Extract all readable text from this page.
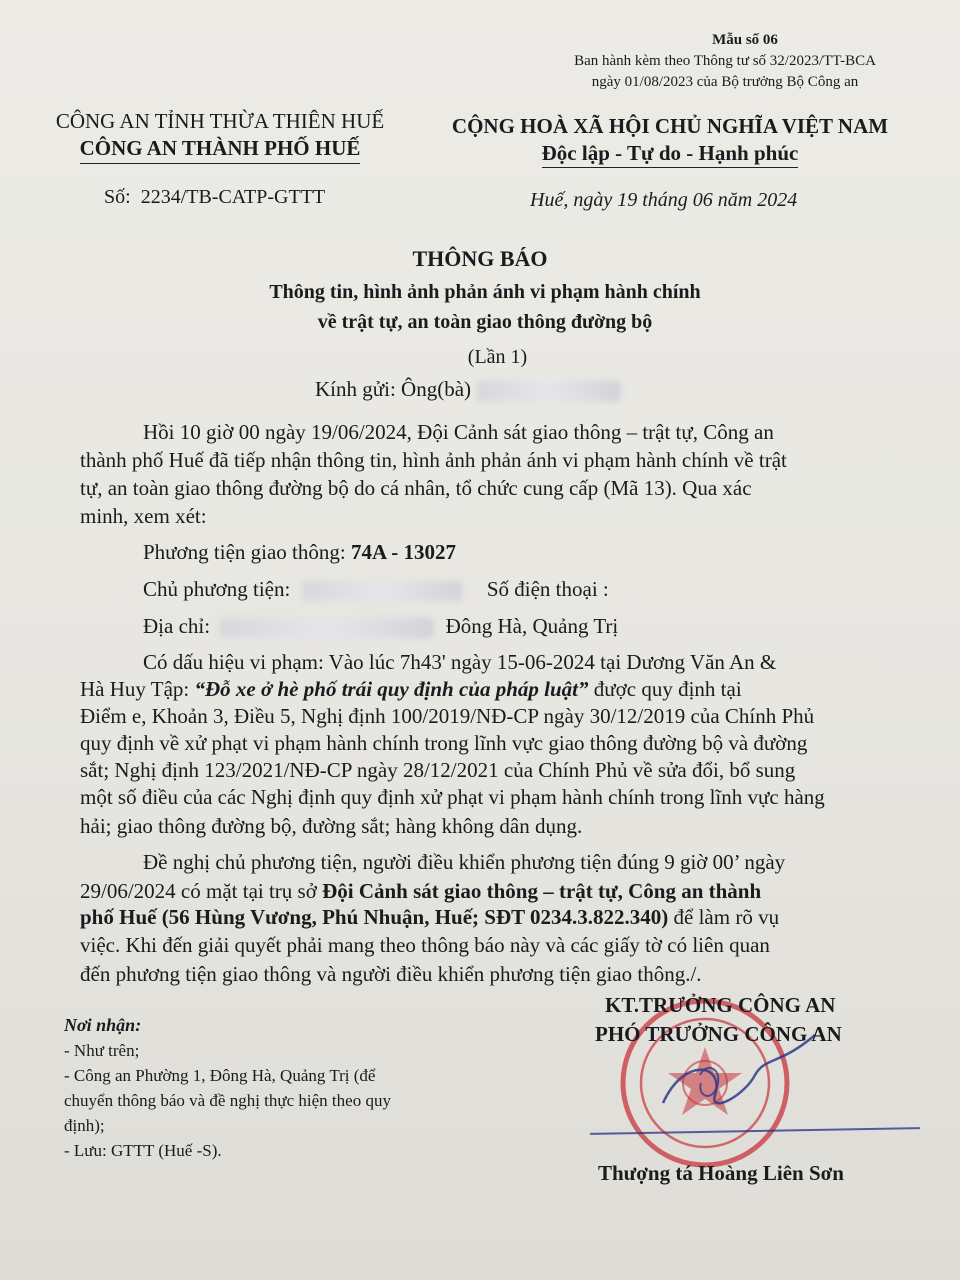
Mẫu số 06
Ban hành kèm theo Thông tư số 32/2023/TT-BCA
ngày 01/08/2023 của Bộ trưởng Bộ Công an
CÔNG AN TỈNH THỪA THIÊN HUẾ
CÔNG AN THÀNH PHỐ HUẾ
CỘNG HOÀ XÃ HỘI CHỦ NGHĨA VIỆT NAM
Độc lập - Tự do - Hạnh phúc
Số: 2234/TB-CATP-GTTT	Huế, ngày 19 tháng 06 năm 2024
THÔNG BÁO
Thông tin, hình ảnh phản ánh vi phạm hành chính
về trật tự, an toàn giao thông đường bộ
(Lần 1)
Kính gửi: Ông(bà)
Hồi 10 giờ 00 ngày 19/06/2024, Đội Cảnh sát giao thông – trật tự, Công an
thành phố Huế đã tiếp nhận thông tin, hình ảnh phản ánh vi phạm hành chính về trật
tự, an toàn giao thông đường bộ do cá nhân, tổ chức cung cấp (Mã 13). Qua xác
minh, xem xét:
Phương tiện giao thông: 74A - 13027
Chủ phương tiện:	Số điện thoại :
Địa chỉ:	Đông Hà, Quảng Trị
Có dấu hiệu vi phạm: Vào lúc 7h43' ngày 15-06-2024 tại Dương Văn An &
Hà Huy Tập: “Đỗ xe ở hè phố trái quy định của pháp luật” được quy định tại
Điểm e, Khoản 3, Điều 5, Nghị định 100/2019/NĐ-CP ngày 30/12/2019 của Chính Phủ
quy định về xử phạt vi phạm hành chính trong lĩnh vực giao thông đường bộ và đường
sắt; Nghị định 123/2021/NĐ-CP ngày 28/12/2021 của Chính Phủ về sửa đổi, bổ sung
một số điều của các Nghị định quy định xử phạt vi phạm hành chính trong lĩnh vực hàng
hải; giao thông đường bộ, đường sắt; hàng không dân dụng.
Đề nghị chủ phương tiện, người điều khiển phương tiện đúng 9 giờ 00’ ngày
29/06/2024 có mặt tại trụ sở Đội Cảnh sát giao thông – trật tự, Công an thành
phố Huế (56 Hùng Vương, Phú Nhuận, Huế; SĐT 0234.3.822.340) để làm rõ vụ
việc. Khi đến giải quyết phải mang theo thông báo này và các giấy tờ có liên quan
đến phương tiện giao thông và người điều khiển phương tiện giao thông./.
Nơi nhận:
- Như trên;
- Công an Phường 1, Đông Hà, Quảng Trị (để
chuyển thông báo và đề nghị thực hiện theo quy
định);
- Lưu: GTTT (Huế -S).
KT.TRƯỞNG CÔNG AN
PHÓ TRƯỞNG CÔNG AN
Thượng tá Hoàng Liên Sơn
